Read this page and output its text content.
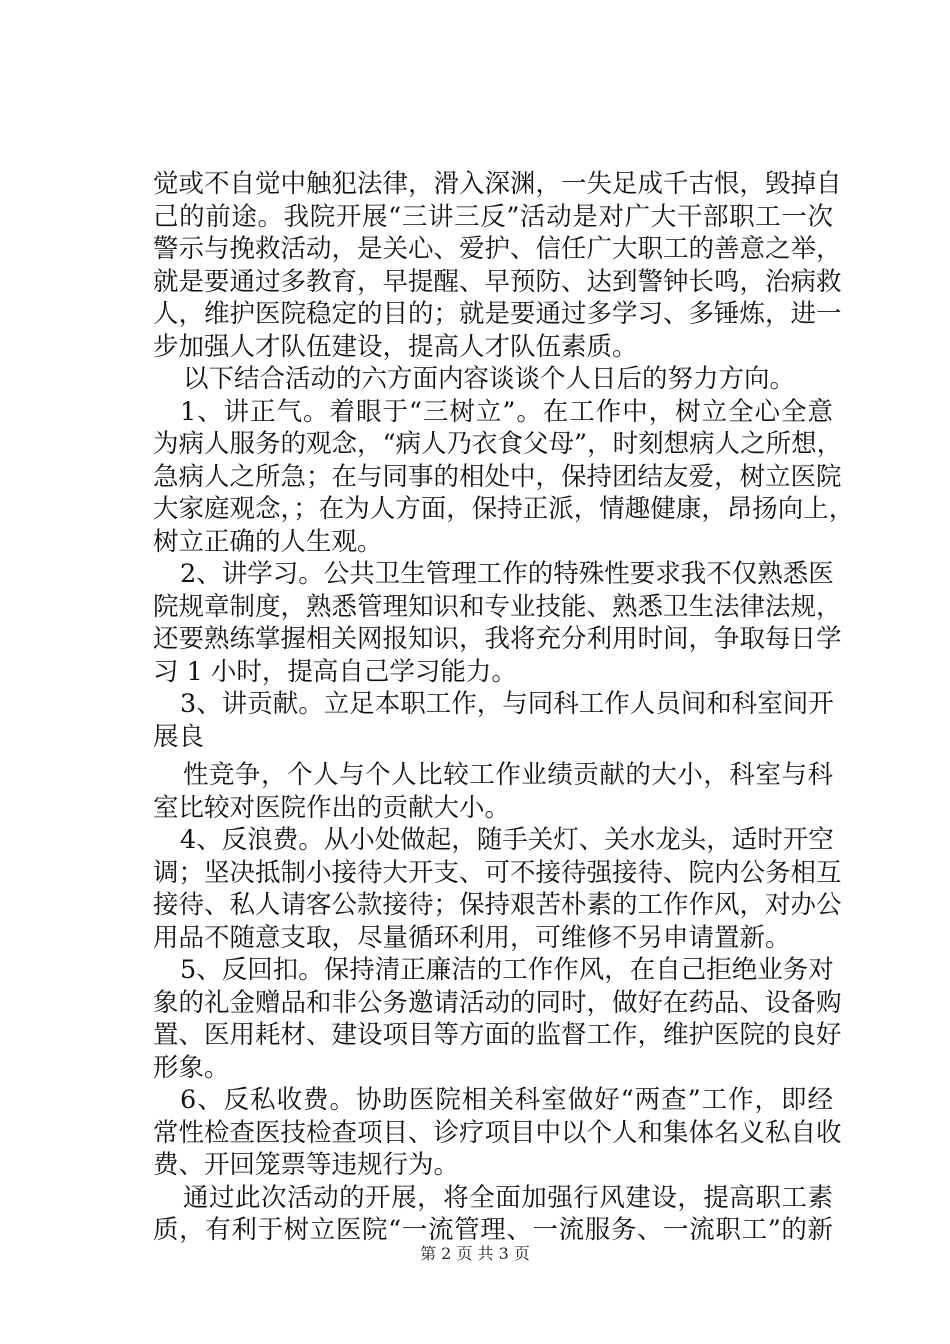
觉或不自觉中触犯法律，滑入深渊，一失足成千古恨，毁掉自
己的前途。我院开展“三讲三反”活动是对广大干部职工一次
警示与挽救活动，是关心、爱护、信任广大职工的善意之举，
就是要通过多教育，早提醒、早预防、达到警钟长鸣，治病救
人，维护医院稳定的目的；就是要通过多学习、多锤炼，进一
步加强人才队伍建设，提高人才队伍素质。
以下结合活动的六方面内容谈谈个人日后的努力方向。
1、讲正气。着眼于“三树立”。在工作中，树立全心全意
为病人服务的观念，“病人乃衣食父母”，时刻想病人之所想，
急病人之所急；在与同事的相处中，保持团结友爱，树立医院
大家庭观念，；在为人方面，保持正派，情趣健康，昂扬向上，
树立正确的人生观。
2、讲学习。公共卫生管理工作的特殊性要求我不仅熟悉医
院规章制度，熟悉管理知识和专业技能、熟悉卫生法律法规，
还要熟练掌握相关网报知识，我将充分利用时间，争取每日学
习 1 小时，提高自己学习能力。
3、讲贡献。立足本职工作，与同科工作人员间和科室间开
展良
性竞争，个人与个人比较工作业绩贡献的大小，科室与科
室比较对医院作出的贡献大小。
4、反浪费。从小处做起，随手关灯、关水龙头，适时开空
调；坚决抵制小接待大开支、可不接待强接待、院内公务相互
接待、私人请客公款接待；保持艰苦朴素的工作作风，对办公
用品不随意支取，尽量循环利用，可维修不另申请置新。
5、反回扣。保持清正廉洁的工作作风，在自己拒绝业务对
象的礼金赠品和非公务邀请活动的同时，做好在药品、设备购
置、医用耗材、建设项目等方面的监督工作，维护医院的良好
形象。
6、反私收费。协助医院相关科室做好“两查”工作，即经
常性检查医技检查项目、诊疗项目中以个人和集体名义私自收
费、开回笼票等违规行为。
通过此次活动的开展，将全面加强行风建设，提高职工素
质，有利于树立医院“一流管理、一流服务、一流职工”的新
第 2 页 共 3 页
